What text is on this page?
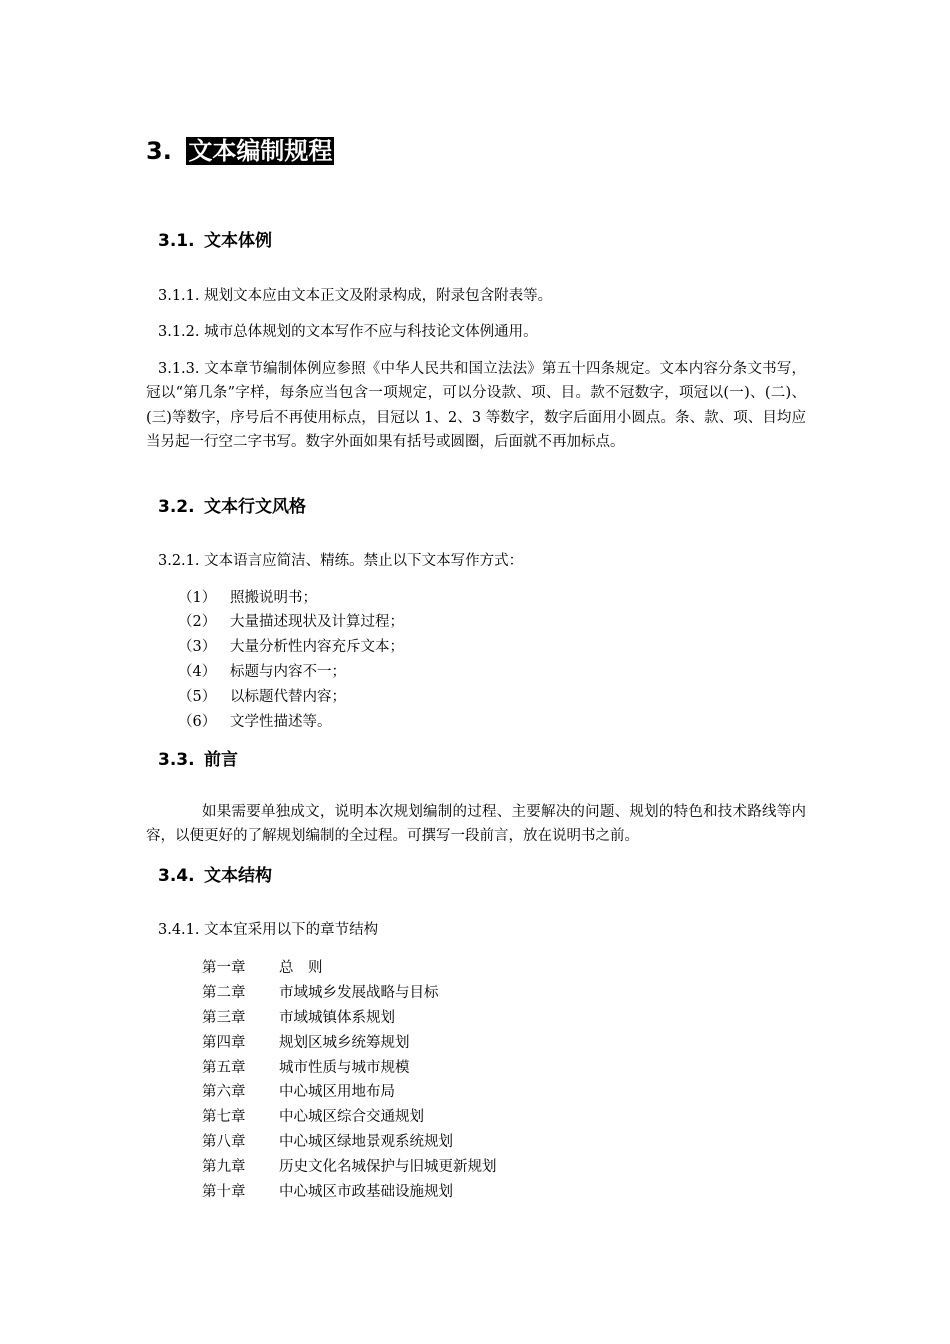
3. 文本编制规程
3.1. 文本体例
3.1.1. 规划文本应由文本正文及附录构成，附录包含附表等。
3.1.2. 城市总体规划的文本写作不应与科技论文体例通用。
3.1.3. 文本章节编制体例应参照《中华人民共和国立法法》第五十四条规定。文本内容分条文书写，冠以“第几条”字样，每条应当包含一项规定，可以分设款、项、目。款不冠数字，项冠以(一)、(二)、(三)等数字，序号后不再使用标点，目冠以 1、2、3 等数字，数字后面用小圆点。条、款、项、目均应当另起一行空二字书写。数字外面如果有括号或圆圈，后面就不再加标点。
3.2. 文本行文风格
3.2.1. 文本语言应简洁、精练。禁止以下文本写作方式：
（1） 照搬说明书；
（2） 大量描述现状及计算过程；
（3） 大量分析性内容充斥文本；
（4） 标题与内容不一；
（5） 以标题代替内容；
（6） 文学性描述等。
3.3. 前言
如果需要单独成文，说明本次规划编制的过程、主要解决的问题、规划的特色和技术路线等内容，以便更好的了解规划编制的全过程。可撰写一段前言，放在说明书之前。
3.4. 文本结构
3.4.1. 文本宜采用以下的章节结构
第一章 总　则
第二章 市域城乡发展战略与目标
第三章 市域城镇体系规划
第四章 规划区城乡统筹规划
第五章 城市性质与城市规模
第六章 中心城区用地布局
第七章 中心城区综合交通规划
第八章 中心城区绿地景观系统规划
第九章 历史文化名城保护与旧城更新规划
第十章 中心城区市政基础设施规划
